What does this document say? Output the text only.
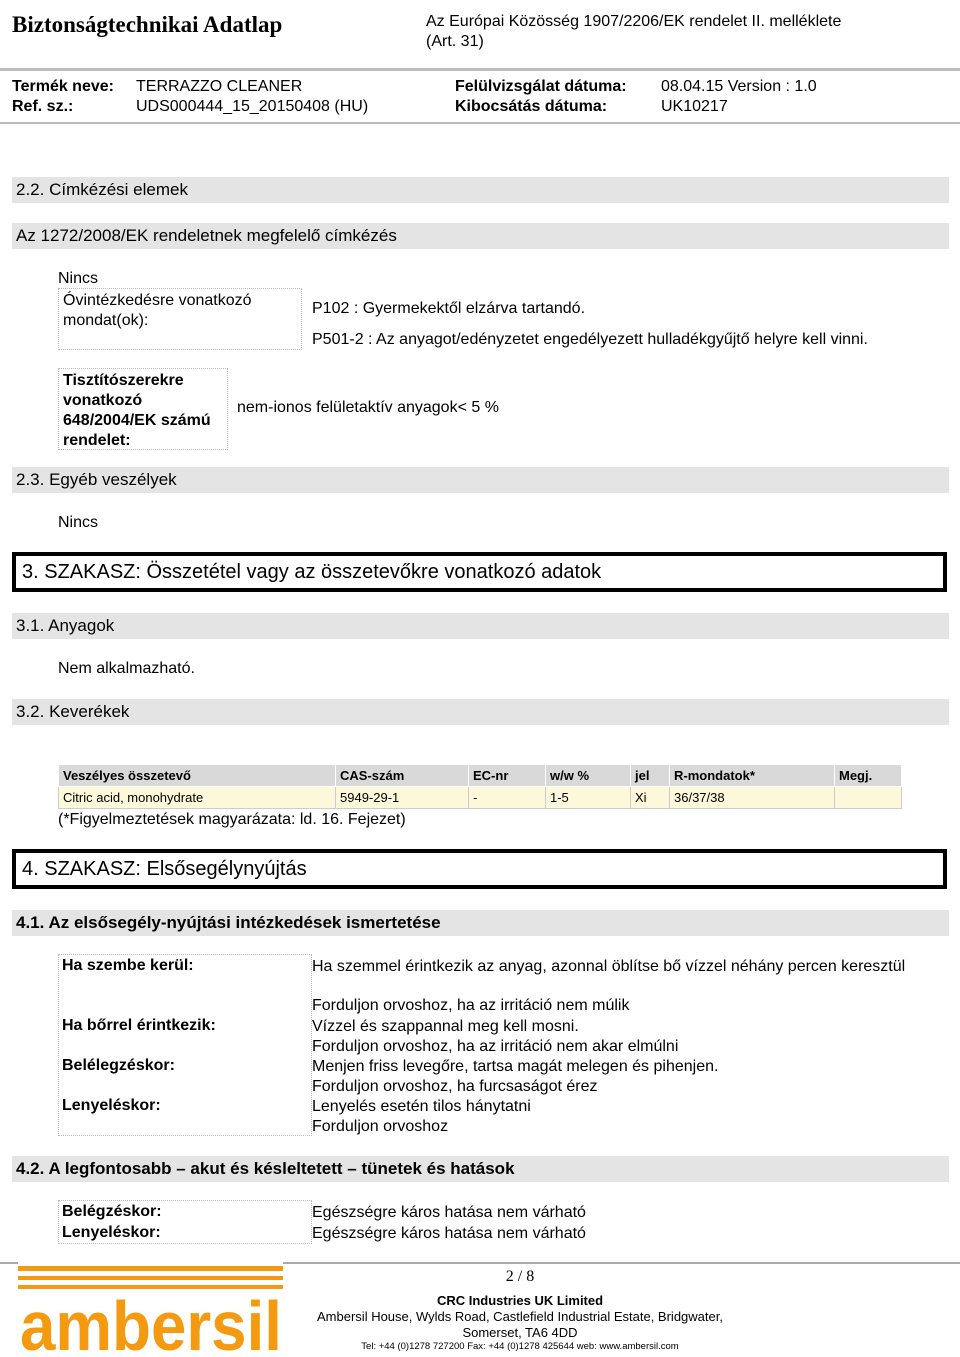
Biztonságtechnikai Adatlap	Az Európai Közösség 1907/2206/EK rendelet II. melléklete (Art. 31)
Termék neve: TERRAZZO CLEANER	Felülvizsgálat dátuma: 08.04.15 Version : 1.0
Ref. sz.:	UDS000444_15_20150408 (HU)	Kibocsátás dátuma:	UK10217
2.2. Címkézési elemek
Az 1272/2008/EK rendeletnek megfelelő címkézés
Nincs
Óvintézkedésre vonatkozó mondat(ok):
P102 : Gyermekektől elzárva tartandó.
P501-2 : Az anyagot/edényzetet engedélyezett hulladékgyűjtő helyre kell vinni.
Tisztítószerekre vonatkozó 648/2004/EK számú rendelet:
nem-ionos felületaktív anyagok< 5 %
2.3. Egyéb veszélyek
Nincs
3. SZAKASZ: Összetétel vagy az összetevőkre vonatkozó adatok
3.1. Anyagok
Nem alkalmazható.
3.2. Keverékek
Veszélyes összetevő	CAS-szám	EC-nr	w/w %	jel	R-mondatok*	Megj.
Citric acid, monohydrate	5949-29-1	-	1-5	Xi	36/37/38	
(*Figyelmeztetések magyarázata: ld. 16. Fejezet)
4. SZAKASZ: Elsősegélynyújtás
4.1. Az elsősegély-nyújtási intézkedések ismertetése
Ha szembe kerül:	Ha szemmel érintkezik az anyag, azonnal öblítse bő vízzel néhány percen keresztül
Forduljon orvoshoz, ha az irritáció nem múlik
Ha bőrrel érintkezik:	Vízzel és szappannal meg kell mosni.
Forduljon orvoshoz, ha az irritáció nem akar elmúlni
Belélegzéskor:	Menjen friss levegőre, tartsa magát melegen és pihenjen.
Forduljon orvoshoz, ha furcsaságot érez
Lenyeléskor:	Lenyelés esetén tilos hánytatni
Forduljon orvoshoz
4.2. A legfontosabb – akut és késleltetett – tünetek és hatások
Belégzéskor:	Egészségre káros hatása nem várható
Lenyeléskor:	Egészségre káros hatása nem várható
ambersil
2 / 8
CRC Industries UK Limited
Ambersil House, Wylds Road, Castlefield Industrial Estate, Bridgwater,
Somerset, TA6 4DD
Tel: +44 (0)1278 727200 Fax: +44 (0)1278 425644 web: www.ambersil.com
